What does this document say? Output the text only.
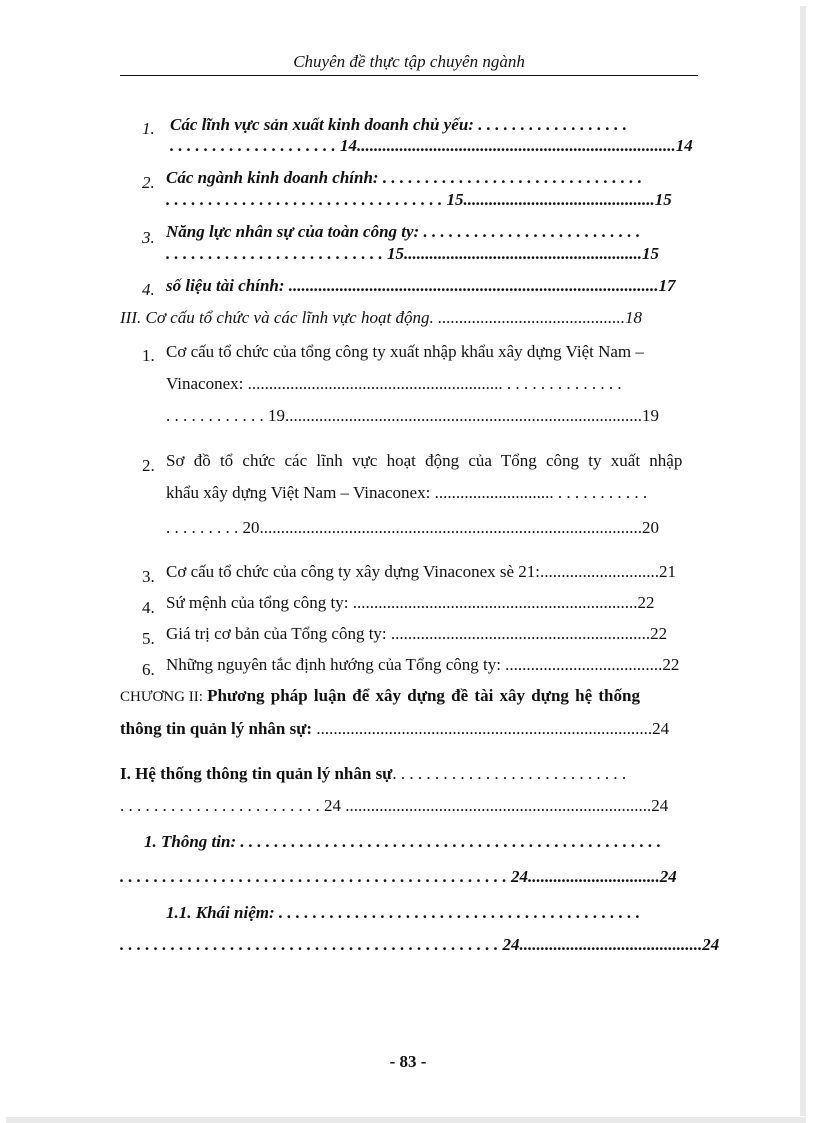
Chuyên đề thực tập chuyên ngành
1. Các lĩnh vực sản xuất kinh doanh chủ yếu: . . . . . . . . . . . . . . . . . .
. . . . . . . . . . . . . . . . . . . . 14...........................................................................14
2. Các ngành kinh doanh chính: . . . . . . . . . . . . . . . . . . . . . . . . . . . . . . .
. . . . . . . . . . . . . . . . . . . . . . . . . . . . . . . . . 15.............................................15
3. Năng lực nhân sự của toàn công ty: . . . . . . . . . . . . . . . . . . . . . . . . . .
. . . . . . . . . . . . . . . . . . . . . . . . . . 15........................................................15
4. số liệu tài chính: .......................................................................................17
III. Cơ cấu tổ chức và các lĩnh vực hoạt động. ............................................18
1. Cơ cấu tổ chức của tổng công ty xuất nhập khẩu xây dựng Việt Nam –
Vinaconex: ............................................................ . . . . . . . . . . . . . .
. . . . . . . . . . . . 19....................................................................................19
2. Sơ đồ tổ chức các lĩnh vực hoạt động của Tổng công ty xuất nhập
khẩu xây dựng Việt Nam – Vinaconex: ............................ . . . . . . . . . . .
. . . . . . . . . 20..........................................................................................20
3. Cơ cấu tổ chức của công ty xây dựng Vinaconex sè 21:............................21
4. Sứ mệnh của tổng công ty: ...................................................................22
5. Giá trị cơ bản của Tổng công ty: .............................................................22
6. Những nguyên tắc định hướng của Tổng công ty: .....................................22
CHƯƠNG II: Phương pháp luận để xây dựng đề tài xây dựng hệ thống
thông tin quản lý nhân sự: ...............................................................................24
I. Hệ thống thông tin quản lý nhân sự. . . . . . . . . . . . . . . . . . . . . . . . . . . .
. . . . . . . . . . . . . . . . . . . . . . . . 24 ........................................................................24
1. Thông tin: . . . . . . . . . . . . . . . . . . . . . . . . . . . . . . . . . . . . . . . . . . . . . . . . . .
. . . . . . . . . . . . . . . . . . . . . . . . . . . . . . . . . . . . . . . . . . . . . . 24...............................24
1.1. Khái niệm: . . . . . . . . . . . . . . . . . . . . . . . . . . . . . . . . . . . . . . . . . . .
. . . . . . . . . . . . . . . . . . . . . . . . . . . . . . . . . . . . . . . . . . . . . 24...........................................24
- 83 -
